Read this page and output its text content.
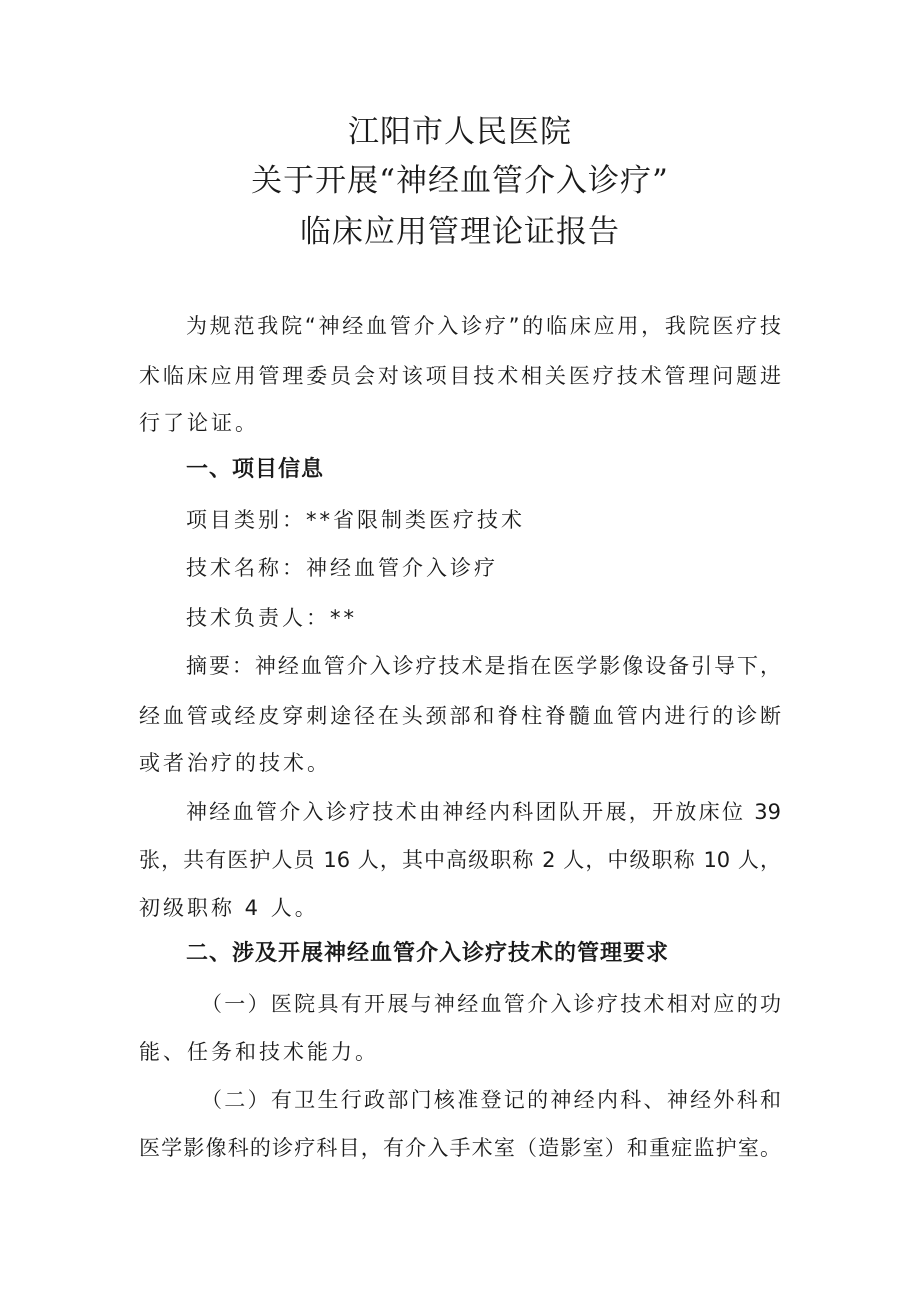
江阳市人民医院
关于开展“神经血管介入诊疗”
临床应用管理论证报告
为规范我院“神经血管介入诊疗”的临床应用，我院医疗技
术临床应用管理委员会对该项目技术相关医疗技术管理问题进
行了论证。
一、项目信息
项目类别：**省限制类医疗技术
技术名称：神经血管介入诊疗
技术负责人：**
摘要：神经血管介入诊疗技术是指在医学影像设备引导下，
经血管或经皮穿刺途径在头颈部和脊柱脊髓血管内进行的诊断
或者治疗的技术。
神经血管介入诊疗技术由神经内科团队开展，开放床位 39
张，共有医护人员 16 人，其中高级职称 2 人，中级职称 10 人，
初级职称 4 人。
二、涉及开展神经血管介入诊疗技术的管理要求
（一）医院具有开展与神经血管介入诊疗技术相对应的功
能、任务和技术能力。
（二）有卫生行政部门核准登记的神经内科、神经外科和
医学影像科的诊疗科目，有介入手术室（造影室）和重症监护室。
